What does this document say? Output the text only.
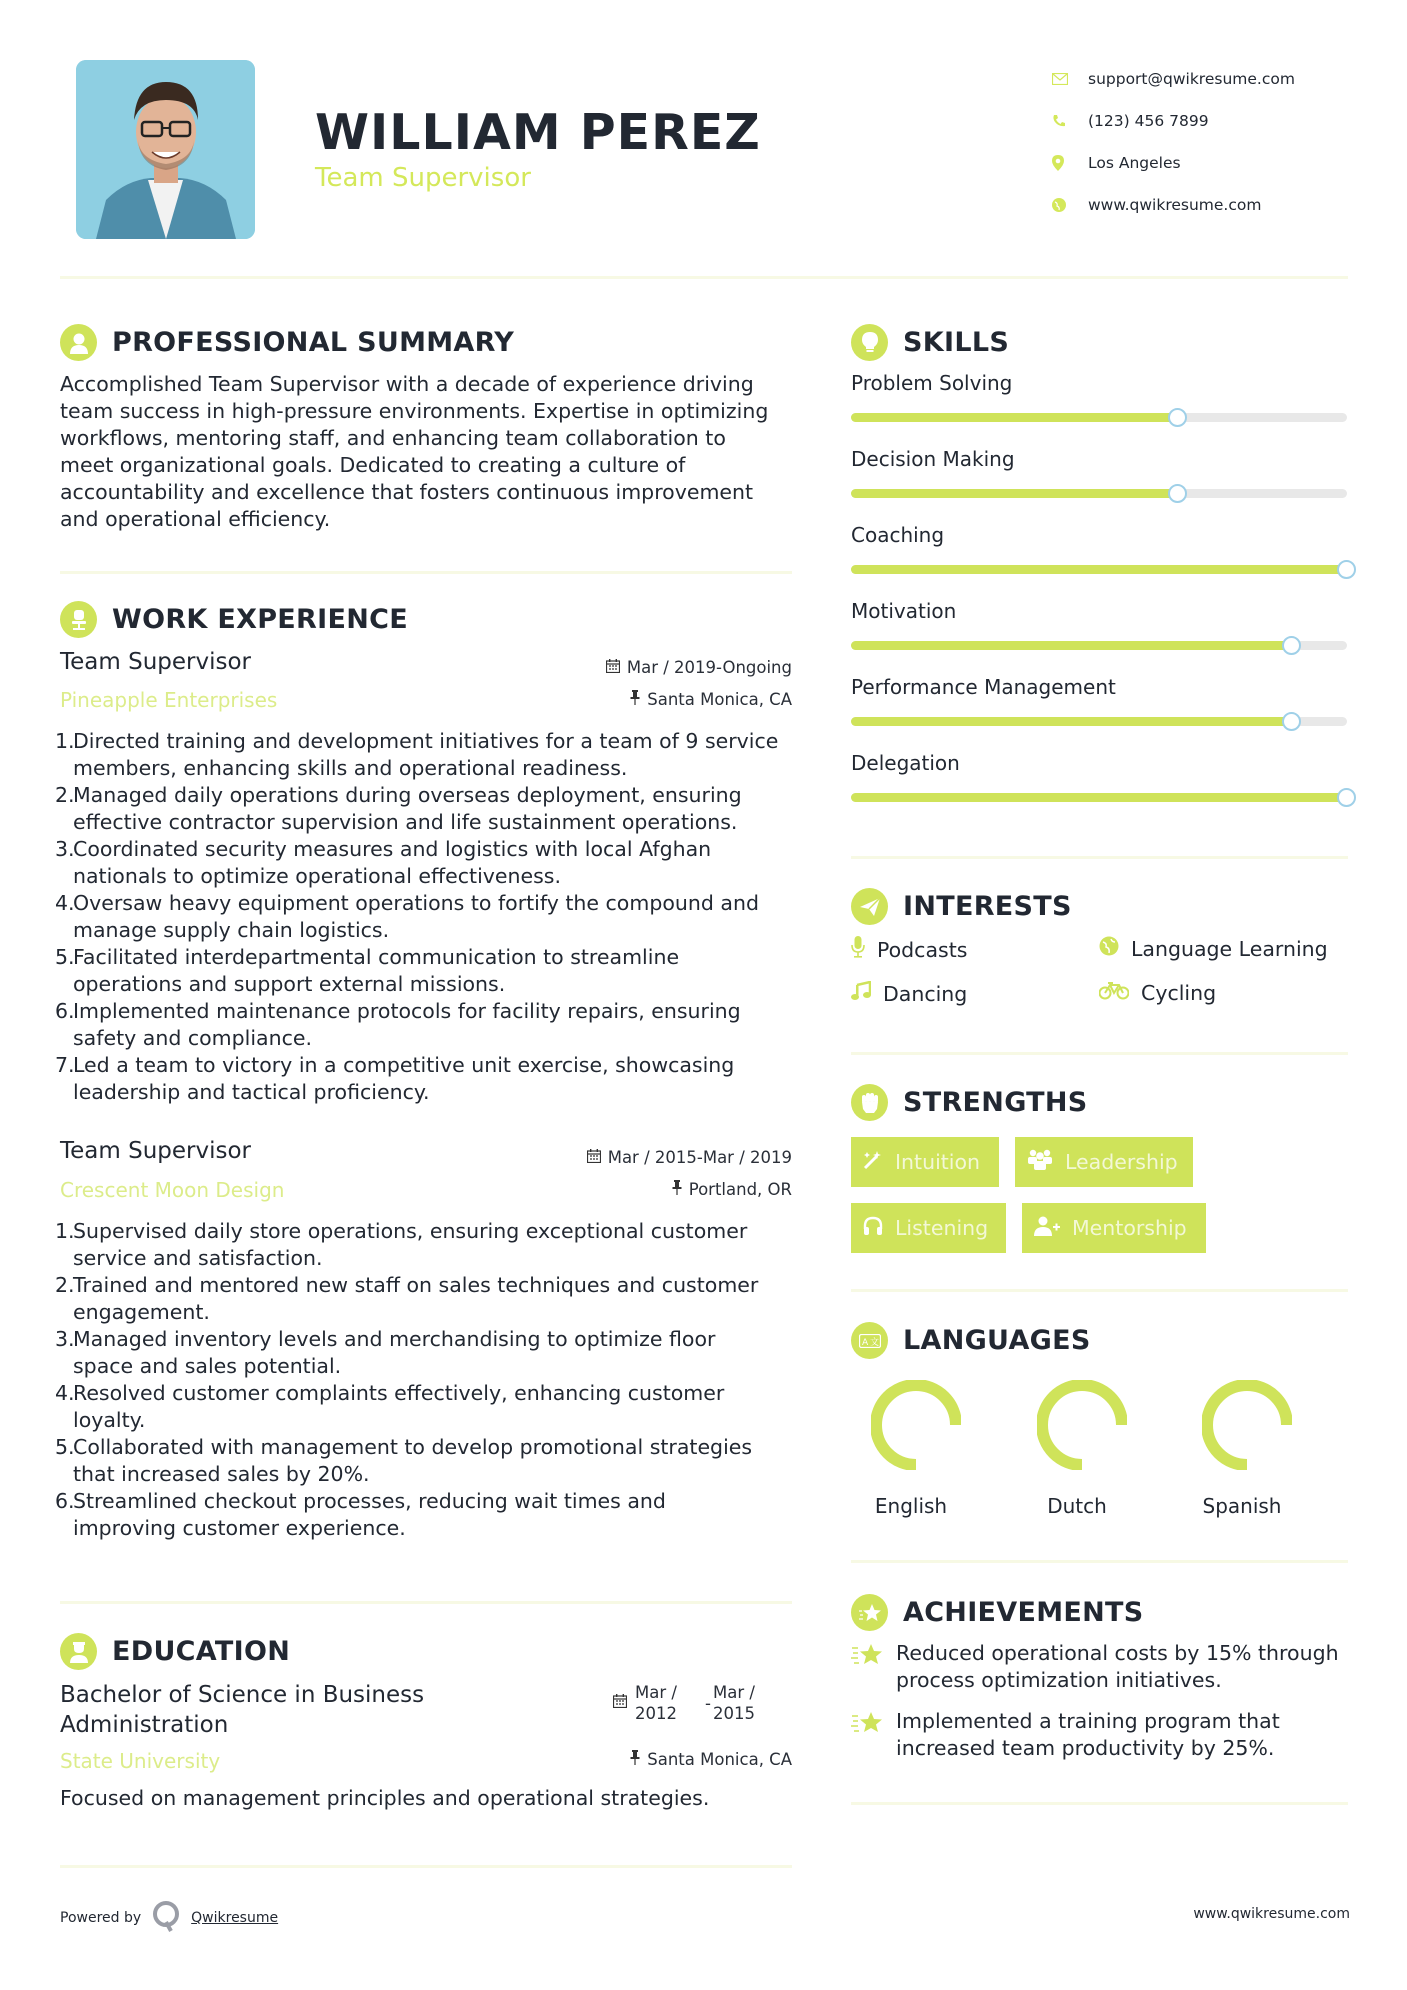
WILLIAM PEREZ
Team Supervisor
support@qwikresume.com
(123) 456 7899
Los Angeles
www.qwikresume.com
PROFESSIONAL SUMMARY
Accomplished Team Supervisor with a decade of experience driving
team success in high-pressure environments. Expertise in optimizing
workflows, mentoring staff, and enhancing team collaboration to
meet organizational goals. Dedicated to creating a culture of
accountability and excellence that fosters continuous improvement
and operational efficiency.
WORK EXPERIENCE
Team Supervisor	Mar / 2019-Ongoing
Pineapple Enterprises	Santa Monica, CA
1.
Directed training and development initiatives for a team of 9 service
members, enhancing skills and operational readiness.
2.
Managed daily operations during overseas deployment, ensuring
effective contractor supervision and life sustainment operations.
3.
Coordinated security measures and logistics with local Afghan
nationals to optimize operational effectiveness.
4.
Oversaw heavy equipment operations to fortify the compound and
manage supply chain logistics.
5.
Facilitated interdepartmental communication to streamline
operations and support external missions.
6.
Implemented maintenance protocols for facility repairs, ensuring
safety and compliance.
7.
Led a team to victory in a competitive unit exercise, showcasing
leadership and tactical proficiency.
Team Supervisor	Mar / 2015-Mar / 2019
Crescent Moon Design	Portland, OR
1.
Supervised daily store operations, ensuring exceptional customer
service and satisfaction.
2.
Trained and mentored new staff on sales techniques and customer
engagement.
3.
Managed inventory levels and merchandising to optimize floor
space and sales potential.
4.
Resolved customer complaints effectively, enhancing customer
loyalty.
5.
Collaborated with management to develop promotional strategies
that increased sales by 20%.
6.
Streamlined checkout processes, reducing wait times and
improving customer experience.
EDUCATION
Bachelor of Science in Business
Administration
Mar /
2012
-
Mar /
2015
State University	Santa Monica, CA
Focused on management principles and operational strategies.
SKILLS
Problem Solving
Decision Making
Coaching
Motivation
Performance Management
Delegation
INTERESTS
Podcasts	Language Learning
Dancing	Cycling
STRENGTHS
Intuition	Leadership
Listening	Mentorship
A 文 LANGUAGES
English	Dutch	Spanish
ACHIEVEMENTS
Reduced operational costs by 15% through
process optimization initiatives.
Implemented a training program that
increased team productivity by 25%.
Powered by	Qwikresume	www.qwikresume.com
